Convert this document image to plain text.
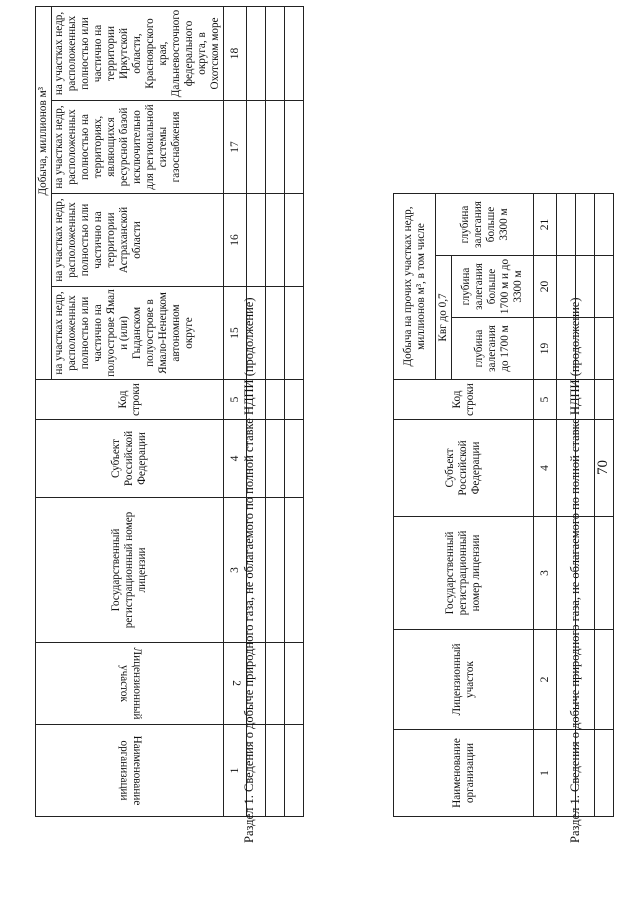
70
Раздел 1. Сведения о добыче природного газа, не облагаемого по полной ставке НДПИ (продолжение)
Наименование организации	Лицензионный участок	Государственный регистрационный номер лицензии	Субъект Российской Федерации	Код строки	Добыча, миллионов м³			
					на участках недр, расположенных полностью или частично на полуострове Ямал и (или) Гыданском полуострове в Ямало-Ненецком автономном округе	на участках недр, расположенных полностью или частично на территории Астраханской области	на участках недр, расположенных полностью на территориях, являющихся ресурсной базой исключительно для региональной системы газоснабжения	на участках недр, расположенных полностью или частично на территории Иркутской области, Красноярского края, Дальневосточного федерального округа, в Охотском море
1	2	3	4	5	15	16	17	18

Раздел 1. Сведения о добыче природного газа, не облагаемого по полной ставке НДПИ (продолжение)	Наименование организации	Лицензионный участок	Государственный регистрационный номер лицензии	Субъект Российской Федерации	Код строки	Добыча на прочих участках недр, миллионов м³, в том числе		
					Квг до 0,7		глубина залегания больше 3300 м
					глубина залегания до 1700 м	глубина залегания больше 1700 м и до 3300 м	
1	2	3	4	5	19	20	21
